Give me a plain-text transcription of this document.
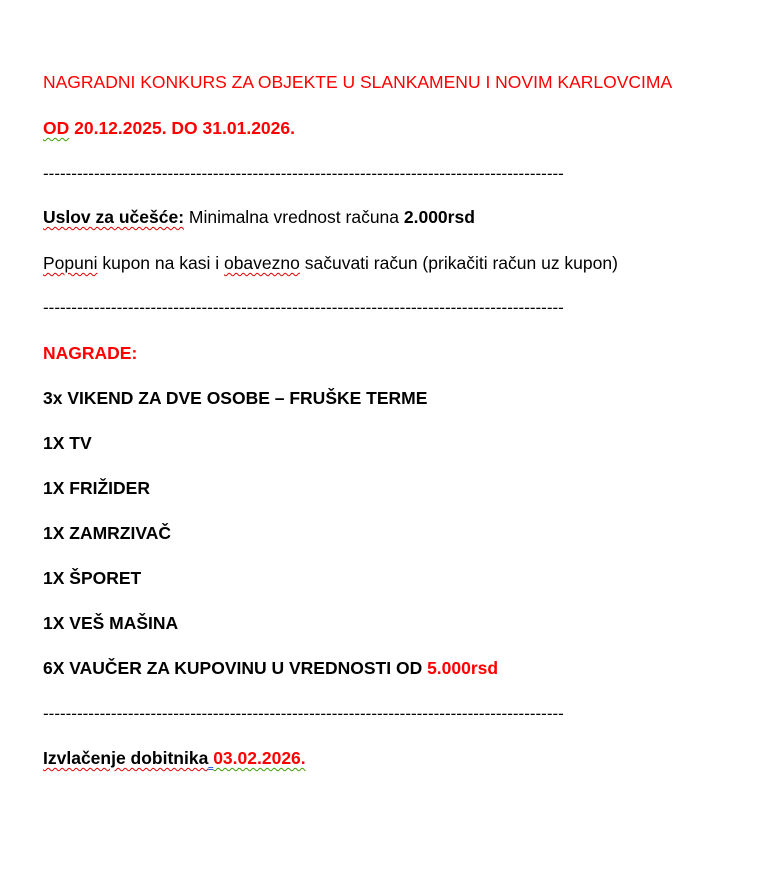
NAGRADNI KONKURS ZA OBJEKTE U SLANKAMENU I NOVIM KARLOVCIMA
OD 20.12.2025. DO 31.01.2026.
--------------------------------------------------------------------------------------------
Uslov za učešće: Minimalna vrednost računa 2.000rsd
Popuni kupon na kasi i obavezno sačuvati račun (prikačiti račun uz kupon)
--------------------------------------------------------------------------------------------
NAGRADE:
3x VIKEND ZA DVE OSOBE – FRUŠKE TERME
1X TV
1X FRIŽIDER
1X ZAMRZIVAČ
1X ŠPORET
1X VEŠ MAŠINA
6X VAUČER ZA KUPOVINU U VREDNOSTI OD 5.000rsd
--------------------------------------------------------------------------------------------
Izvlačenje dobitnika 03.02.2026.
